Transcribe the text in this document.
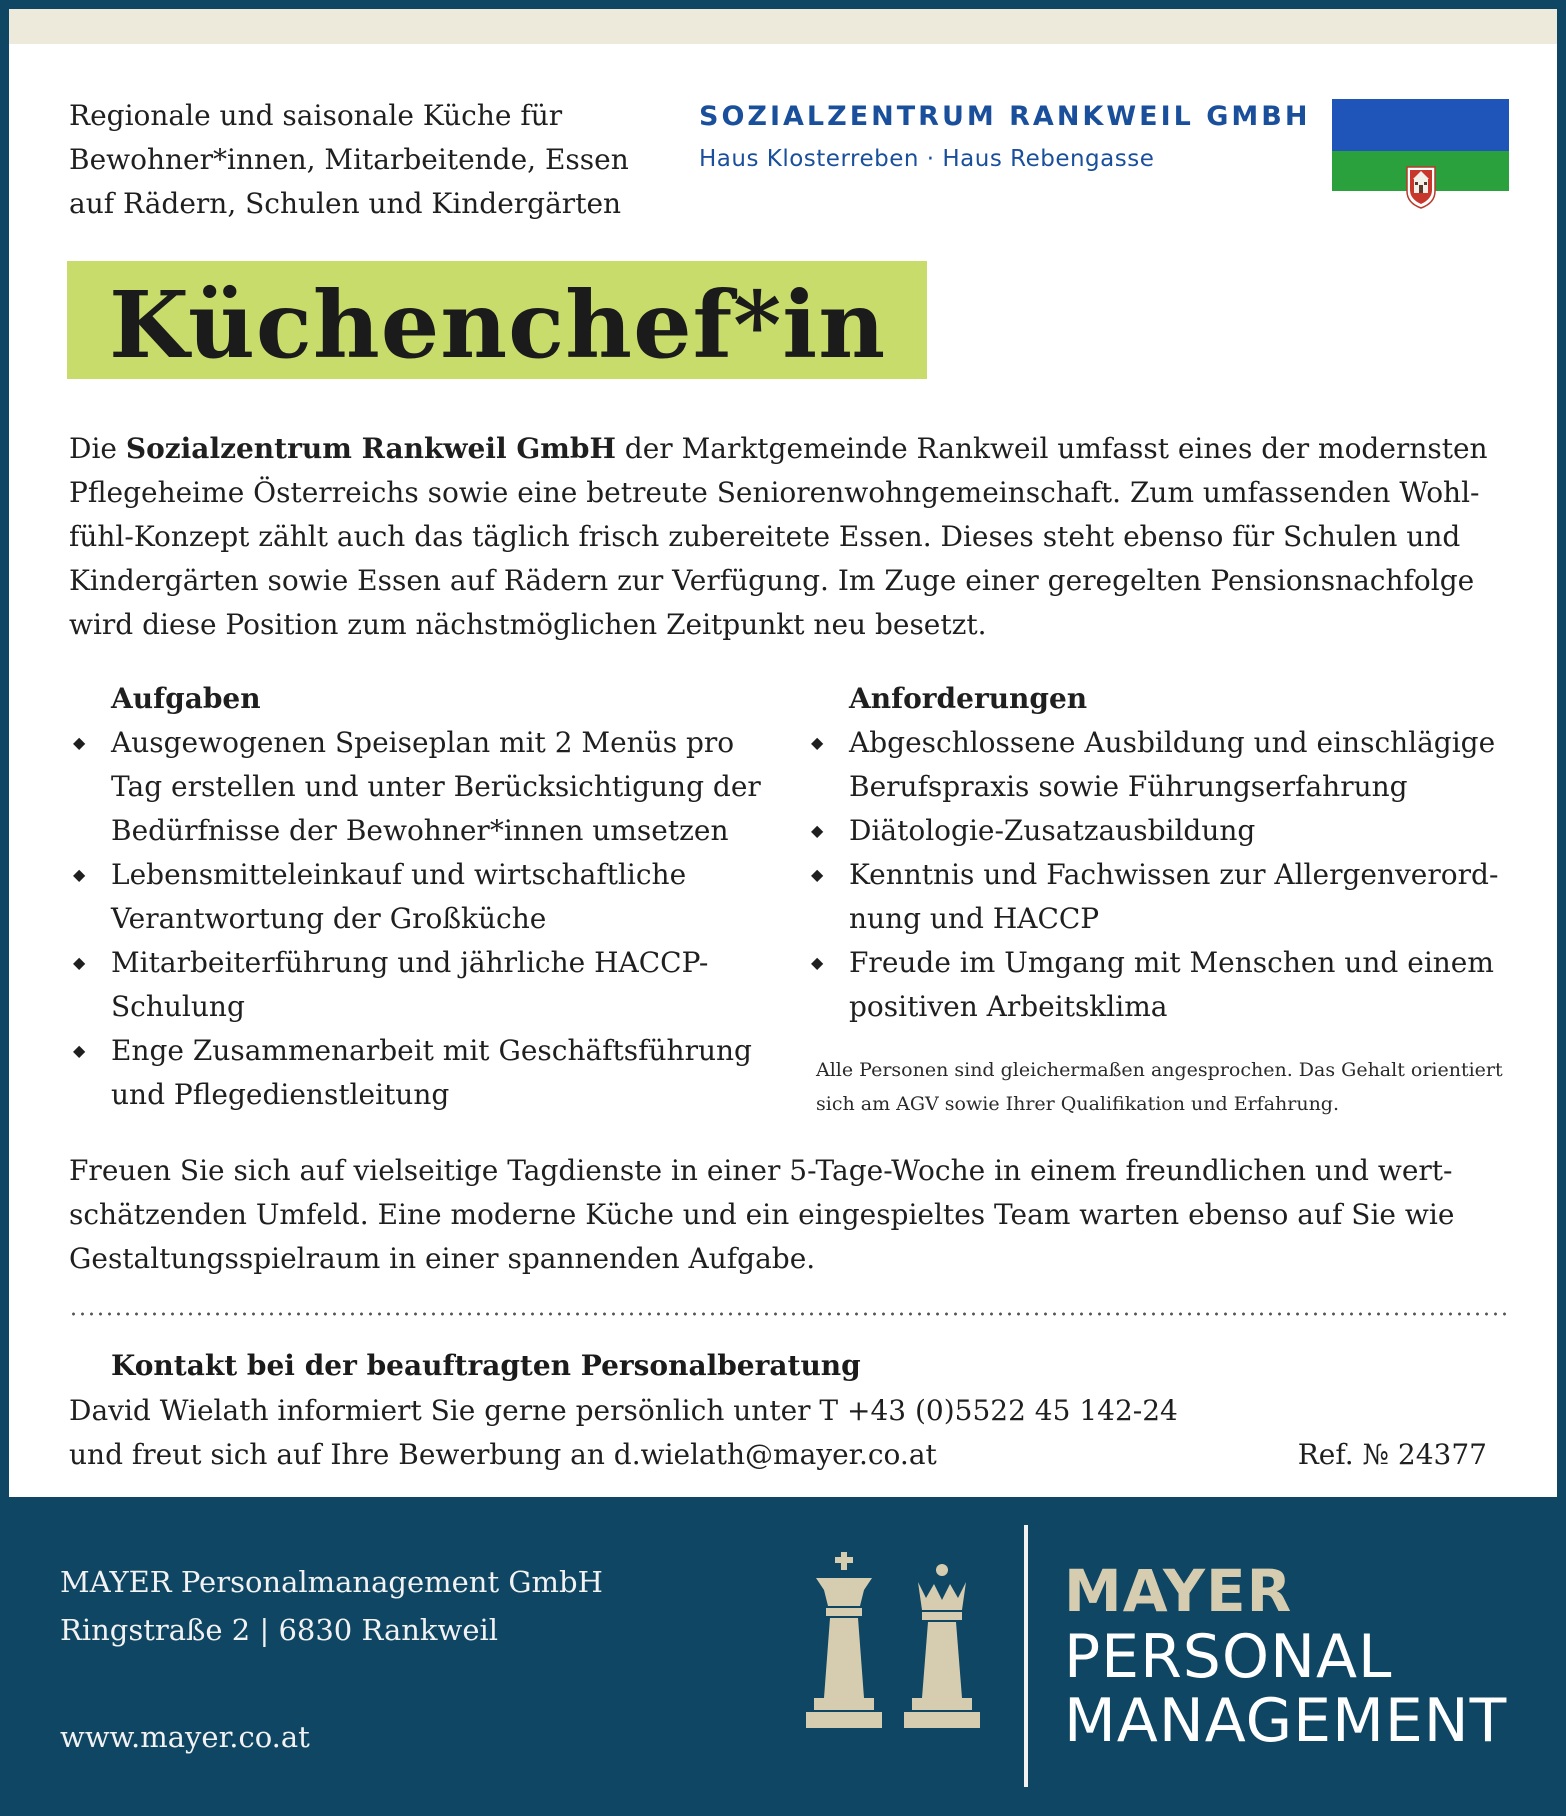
Regionale und saisonale Küche für
Bewohner*innen, Mitarbeitende, Essen
auf Rädern, Schulen und Kindergärten
SOZIALZENTRUM RANKWEIL GMBH
Haus Klosterreben · Haus Rebengasse
Küchenchef*in
Die Sozialzentrum Rankweil GmbH der Marktgemeinde Rankweil umfasst eines der modernsten Pflegeheime Österreichs sowie eine betreute Seniorenwohngemeinschaft. Zum umfassenden Wohlfühl-Konzept zählt auch das täglich frisch zubereitete Essen. Dieses steht ebenso für Schulen und Kindergärten sowie Essen auf Rädern zur Verfügung. Im Zuge einer geregelten Pensionsnachfolge wird diese Position zum nächstmöglichen Zeitpunkt neu besetzt.
Aufgaben
◆ Ausgewogenen Speiseplan mit 2 Menüs pro Tag erstellen und unter Berücksichtigung der Bedürfnisse der Bewohner*innen umsetzen
◆ Lebensmitteleinkauf und wirtschaftliche Verantwortung der Großküche
◆ Mitarbeiterführung und jährliche HACCP-Schulung
◆ Enge Zusammenarbeit mit Geschäftsführung und Pflegedienstleitung
Anforderungen
◆ Abgeschlossene Ausbildung und einschlägige Berufspraxis sowie Führungserfahrung
◆ Diätologie-Zusatzausbildung
◆ Kenntnis und Fachwissen zur Allergenverordnung und HACCP
◆ Freude im Umgang mit Menschen und einem positiven Arbeitsklima
Alle Personen sind gleichermaßen angesprochen. Das Gehalt orientiert sich am AGV sowie Ihrer Qualifikation und Erfahrung.
Freuen Sie sich auf vielseitige Tagdienste in einer 5-Tage-Woche in einem freundlichen und wertschätzenden Umfeld. Eine moderne Küche und ein eingespieltes Team warten ebenso auf Sie wie Gestaltungsspielraum in einer spannenden Aufgabe.
Kontakt bei der beauftragten Personalberatung
David Wielath informiert Sie gerne persönlich unter T +43 (0)5522 45 142-24
und freut sich auf Ihre Bewerbung an d.wielath@mayer.co.at	Ref. № 24377
MAYER Personalmanagement GmbH
Ringstraße 2 | 6830 Rankweil
www.mayer.co.at
MAYER
PERSONAL
MANAGEMENT
